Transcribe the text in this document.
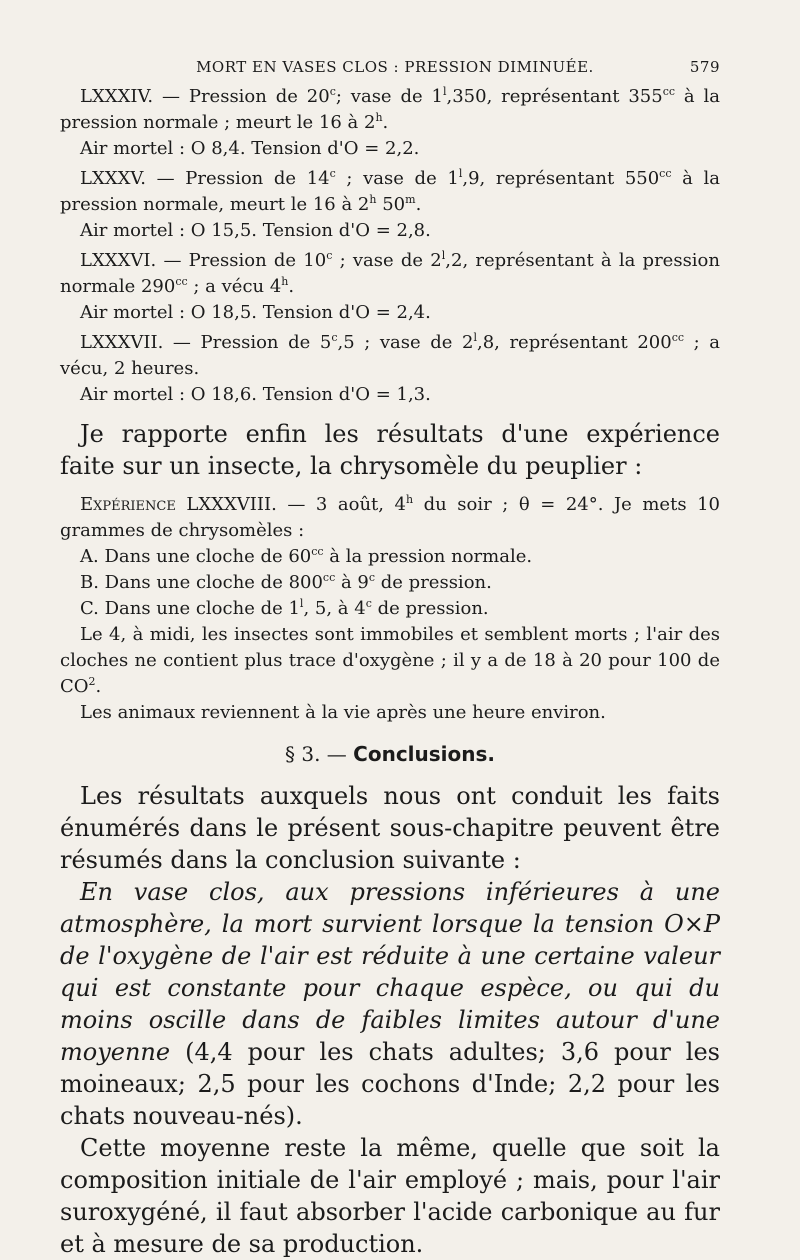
MORT EN VASES CLOS : PRESSION DIMINUÉE.	579

LXXXIV. — Pression de 20$^c$; vase de 1$^l$,350, représentant $355^{cc}$ à la pression normale ; meurt le 16 à 2$^h$.

Air mortel : O 8,4. Tension d'O = 2,2.

LXXXV. — Pression de 14$^c$ ; vase de 1$^l$,9, représentant $550^{cc}$ à la pression normale, meurt le 16 à 2$^h$ 50$^m$.

Air mortel : O 15,5. Tension d'O = 2,8.

LXXXVI. — Pression de 10$^c$ ; vase de 2$^l$,2, représentant à la pression normale $290^{cc}$ ; a vécu 4$^h$.

Air mortel : O 18,5. Tension d'O = 2,4.

LXXXVII. — Pression de 5$^c$,5 ; vase de 2$^l$,8, représentant $200^{cc}$ ; a vécu, 2 heures.

Air mortel : O 18,6. Tension d'O = 1,3.

Je rapporte enfin les résultats d'une expérience faite sur un insecte, la chrysomèle du peuplier :

Expérience LXXXVIII. — 3 août, 4$^h$ du soir ; θ = 24°. Je mets 10 grammes de chrysomèles :

A. Dans une cloche de $60^{cc}$ à la pression normale.

B. Dans une cloche de $800^{cc}$ à 9$^c$ de pression.

C. Dans une cloche de 1$^l$, 5, à 4$^c$ de pression.

Le 4, à midi, les insectes sont immobiles et semblent morts ; l'air des cloches ne contient plus trace d'oxygène ; il y a de 18 à 20 pour 100 de $CO^2$.

Les animaux reviennent à la vie après une heure environ.

§ 3. — Conclusions.

Les résultats auxquels nous ont conduit les faits énumérés dans le présent sous-chapitre peuvent être résumés dans la conclusion suivante :

En vase clos, aux pressions inférieures à une atmosphère, la mort survient lorsque la tension O×P de l'oxygène de l'air est réduite à une certaine valeur qui est constante pour chaque espèce, ou qui du moins oscille dans de faibles limites autour d'une moyenne (4,4 pour les chats adultes; 3,6 pour les moineaux; 2,5 pour les cochons d'Inde; 2,2 pour les chats nouveau-nés).

Cette moyenne reste la même, quelle que soit la composition initiale de l'air employé ; mais, pour l'air suroxygéné, il faut absorber l'acide carbonique au fur et à mesure de sa production.
